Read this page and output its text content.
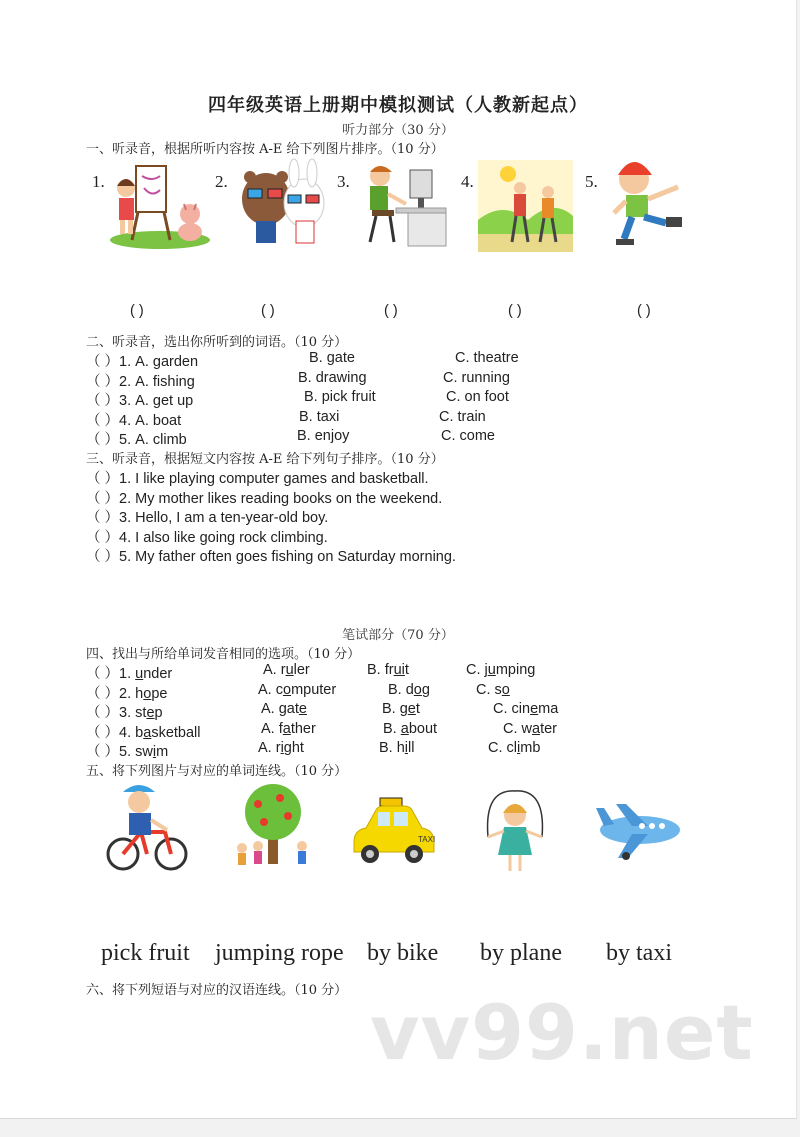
四年级英语上册期中模拟测试（人教新起点）
听力部分（30 分）
一、听录音，根据所听内容按 A-E 给下列图片排序。（10 分）
1.	2.	3.	4.	5.
( )	( )	( )	( )	( )
二、听录音，选出你所听到的词语。（10 分）
（ ）1. A. garden	B. gate	C. theatre
（ ）2. A. fishing	B. drawing	C. running
（ ）3. A. get up	B. pick fruit	C. on foot
（ ）4. A. boat	B. taxi	C. train
（ ）5. A. climb	B. enjoy	C. come
三、听录音，根据短文内容按 A-E 给下列句子排序。（10 分）
（ ）1. I like playing computer games and basketball.
（ ）2. My mother likes reading books on the weekend.
（ ）3. Hello, I am a ten-year-old boy.
（ ）4. I also like going rock climbing.
（ ）5. My father often goes fishing on Saturday morning.
笔试部分（70 分）
四、找出与所给单词发音相同的选项。（10 分）
（ ）1. under	A. ruler	B. fruit	C. jumping
（ ）2. hope	A. computer	B. dog	C. so
（ ）3. step	A. gate	B. get	C. cinema
（ ）4. basketball	A. father	B. about	C. water
（ ）5. swim	A. right	B. hill	C. climb
五、将下列图片与对应的单词连线。（10 分）
TAXI
pick fruit jumping rope by bike by plane by taxi
六、将下列短语与对应的汉语连线。（10 分） vv99.net
